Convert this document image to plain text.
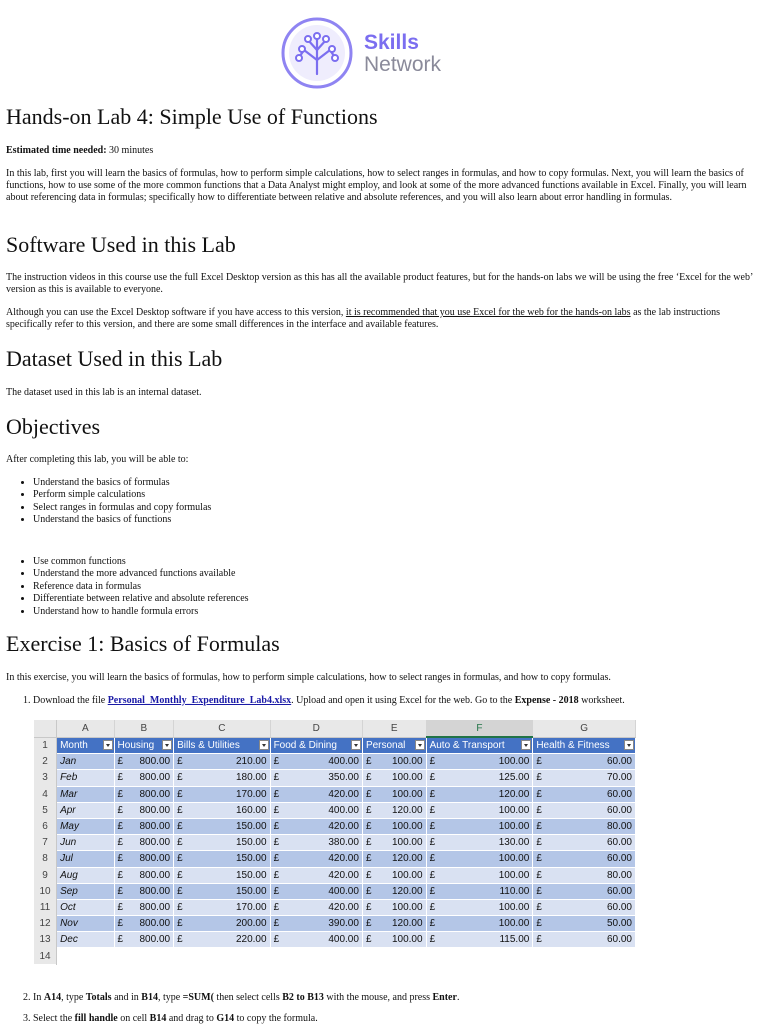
Skills
Network
Hands-on Lab 4: Simple Use of Functions

Estimated time needed: 30 minutes

In this lab, first you will learn the basics of formulas, how to perform simple calculations, how to select ranges in formulas, and how to copy formulas. Next, you will learn the basics of functions, how to use some of the more common functions that a Data Analyst might employ, and look at some of the more advanced functions available in Excel. Finally, you will learn about referencing data in formulas; specifically how to differentiate between relative and absolute references, and you will also learn about error handling in formulas.

Software Used in this Lab

The instruction videos in this course use the full Excel Desktop version as this has all the available product features, but for the hands-on labs we will be using the free ‘Excel for the web’ version as this is available to everyone.

Although you can use the Excel Desktop software if you have access to this version, it is recommended that you use Excel for the web for the hands-on labs as the lab instructions specifically refer to this version, and there are some small differences in the interface and available features.

Dataset Used in this Lab

The dataset used in this lab is an internal dataset.

Objectives

After completing this lab, you will be able to:

• Understand the basics of formulas
• Perform simple calculations
• Select ranges in formulas and copy formulas
• Understand the basics of functions
• Use common functions
• Understand the more advanced functions available
• Reference data in formulas
• Differentiate between relative and absolute references
• Understand how to handle formula errors
Exercise 1: Basics of Formulas

In this exercise, you will learn the basics of formulas, how to perform simple calculations, how to select ranges in formulas, and how to copy formulas.

1. Download the file Personal_Monthly_Expenditure_Lab4.xlsx. Upload and open it using Excel for the web. Go to the Expense - 2018 worksheet.
2. In A14, type Totals and in B14, type =SUM( then select cells B2 to B13 with the mouse, and press Enter.
3. Select the fill handle on cell B14 and drag to G14 to copy the formula.
	A	B	C	D	E	F	G
1	Month	Housing	Bills & Utilities	Food & Dining	Personal	Auto & Transport	Health & Fitness

2	Jan	£ 800.00	£ 210.00	£ 400.00	£ 100.00	£ 100.00	£ 60.00

3	Feb	£ 800.00	£ 180.00	£ 350.00	£ 100.00	£ 125.00	£ 70.00

4	Mar	£ 800.00	£ 170.00	£ 420.00	£ 100.00	£ 120.00	£ 60.00

5	Apr	£ 800.00	£ 160.00	£ 400.00	£ 120.00	£ 100.00	£ 60.00

6	May	£ 800.00	£ 150.00	£ 420.00	£ 100.00	£ 100.00	£ 80.00

7	Jun	£ 800.00	£ 150.00	£ 380.00	£ 100.00	£ 130.00	£ 60.00

8	Jul	£ 800.00	£ 150.00	£ 420.00	£ 120.00	£ 100.00	£ 60.00

9	Aug	£ 800.00	£ 150.00	£ 420.00	£ 100.00	£ 100.00	£ 80.00

10	Sep	£ 800.00	£ 150.00	£ 400.00	£ 120.00	£ 110.00	£ 60.00

11	Oct	£ 800.00	£ 170.00	£ 420.00	£ 100.00	£ 100.00	£ 60.00

12	Nov	£ 800.00	£ 200.00	£ 390.00	£ 120.00	£ 100.00	£ 50.00

13	Dec	£ 800.00	£ 220.00	£ 400.00	£ 100.00	£ 115.00	£ 60.00

14							
